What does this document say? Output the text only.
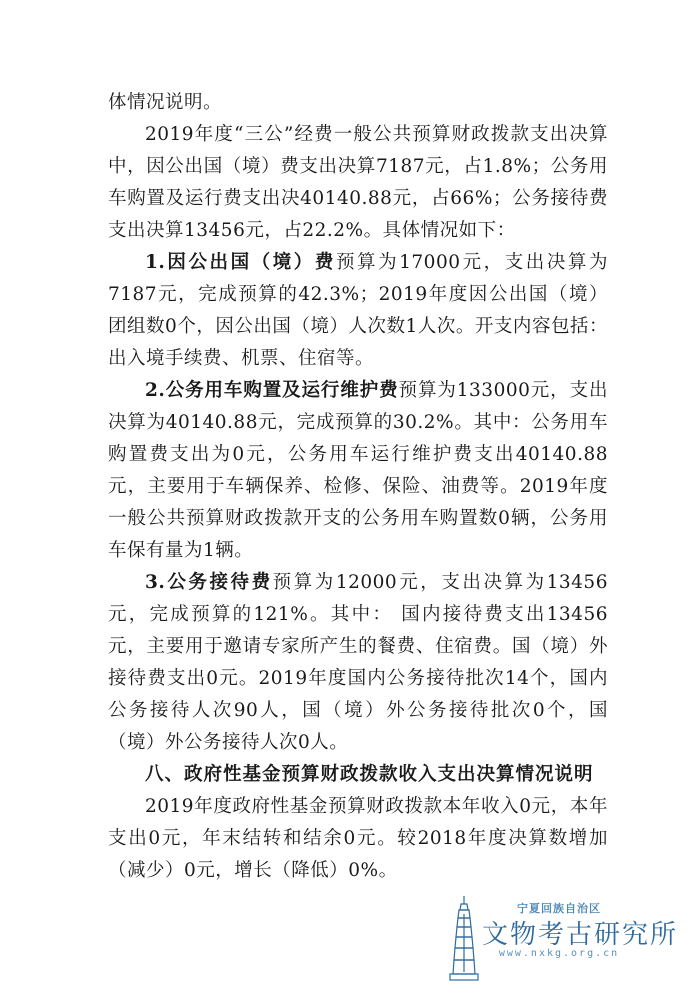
体情况说明。

2019年度“三公”经费一般公共预算财政拨款支出决算中，因公出国（境）费支出决算7187元，占1.8%；公务用车购置及运行费支出决40140.88元，占66%；公务接待费支出决算13456元，占22.2%。具体情况如下：

1.因公出国（境）费预算为17000元，支出决算为7187元，完成预算的42.3%；2019年度因公出国（境）团组数0个，因公出国（境）人次数1人次。开支内容包括：出入境手续费、机票、住宿等。

2.公务用车购置及运行维护费预算为133000元，支出决算为40140.88元，完成预算的30.2%。其中：公务用车购置费支出为0元，公务用车运行维护费支出40140.88元，主要用于车辆保养、检修、保险、油费等。2019年度一般公共预算财政拨款开支的公务用车购置数0辆，公务用车保有量为1辆。

3.公务接待费预算为12000元，支出决算为13456元，完成预算的121%。其中： 国内接待费支出13456元，主要用于邀请专家所产生的餐费、住宿费。国（境）外接待费支出0元。2019年度国内公务接待批次14个，国内公务接待人次90人，国（境）外公务接待批次0个，国（境）外公务接待人次0人。

八、政府性基金预算财政拨款收入支出决算情况说明

2019年度政府性基金预算财政拨款本年收入0元，本年支出0元，年末结转和结余0元。较2018年度决算数增加（减少）0元，增长（降低）0%。

宁夏回族自治区
文物考古研究所
www.nxkg.org.cn
